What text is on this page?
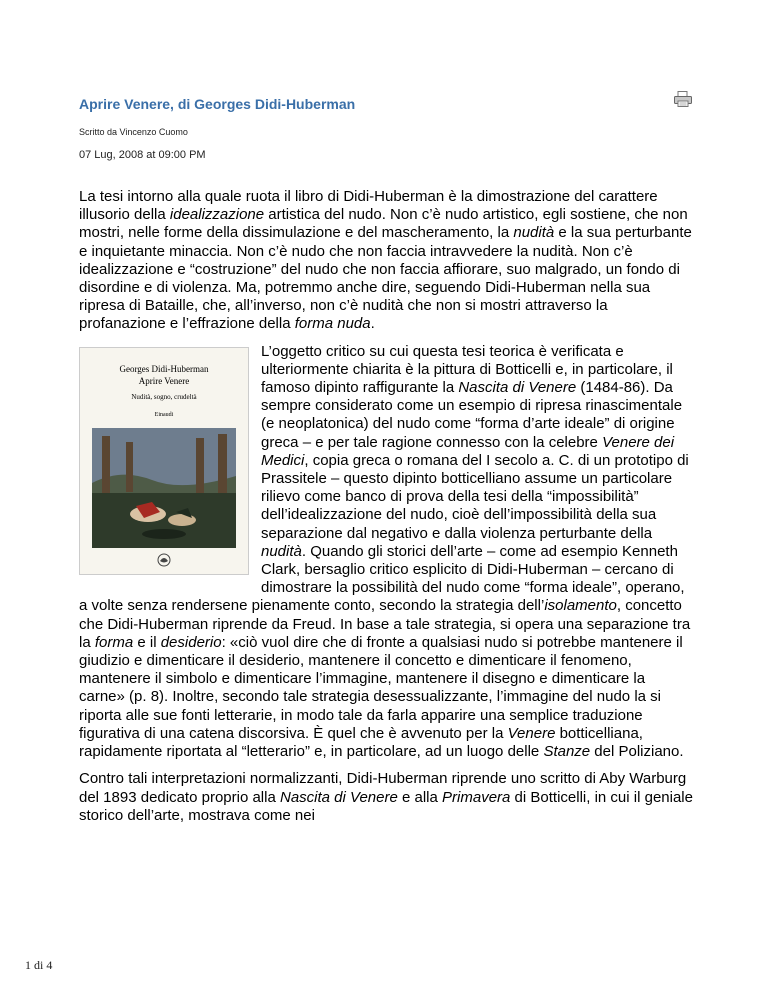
Aprire Venere, di Georges Didi-Huberman
Scritto da Vincenzo Cuomo
07 Lug, 2008 at 09:00 PM

La tesi intorno alla quale ruota il libro di Didi-Huberman è la dimostrazione del carattere illusorio della idealizzazione artistica del nudo. Non c’è nudo artistico, egli sostiene, che non mostri, nelle forme della dissimulazione e del mascheramento, la nudità e la sua perturbante e inquietante minaccia. Non c’è nudo che non faccia intravvedere la nudità. Non c’è idealizzazione e “costruzione” del nudo che non faccia affiorare, suo malgrado, un fondo di disordine e di violenza. Ma, potremmo anche dire, seguendo Didi-Huberman nella sua ripresa di Bataille, che, all’inverso, non c’è nudità che non si mostri attraverso la profanazione e l’effrazione della forma nuda.

Georges Didi-Huberman
Aprire Venere
Nudità, sogno, crudeltà
Einaudi

L’oggetto critico su cui questa tesi teorica è verificata e ulteriormente chiarita è la pittura di Botticelli e, in particolare, il famoso dipinto raffigurante la Nascita di Venere (1484-86). Da sempre considerato come un esempio di ripresa rinascimentale (e neoplatonica) del nudo come “forma d’arte ideale” di origine greca – e per tale ragione connesso con la celebre Venere dei Medici, copia greca o romana del I secolo a. C. di un prototipo di Prassitele – questo dipinto botticelliano assume un particolare rilievo come banco di prova della tesi della “impossibilità” dell’idealizzazione del nudo, cioè dell’impossibilità della sua separazione dal negativo e dalla violenza perturbante della nudità. Quando gli storici dell’arte – come ad esempio Kenneth Clark, bersaglio critico esplicito di Didi-Huberman – cercano di dimostrare la possibilità del nudo come “forma ideale”, operano, a volte senza rendersene pienamente conto, secondo la strategia dell’isolamento, concetto che Didi-Huberman riprende da Freud. In base a tale strategia, si opera una separazione tra la forma e il desiderio: «ciò vuol dire che di fronte a qualsiasi nudo si potrebbe mantenere il giudizio e dimenticare il desiderio, mantenere il concetto e dimenticare il fenomeno, mantenere il simbolo e dimenticare l’immagine, mantenere il disegno e dimenticare la carne» (p. 8). Inoltre, secondo tale strategia desessualizzante, l’immagine del nudo la si riporta alle sue fonti letterarie, in modo tale da farla apparire una semplice traduzione figurativa di una catena discorsiva. È quel che è avvenuto per la Venere botticelliana, rapidamente riportata al “letterario” e, in particolare, ad un luogo delle Stanze del Poliziano.

Contro tali interpretazioni normalizzanti, Didi-Huberman riprende uno scritto di Aby Warburg del 1893 dedicato proprio alla Nascita di Venere e alla Primavera di Botticelli, in cui il geniale storico dell’arte, mostrava come nei

1 di 4
